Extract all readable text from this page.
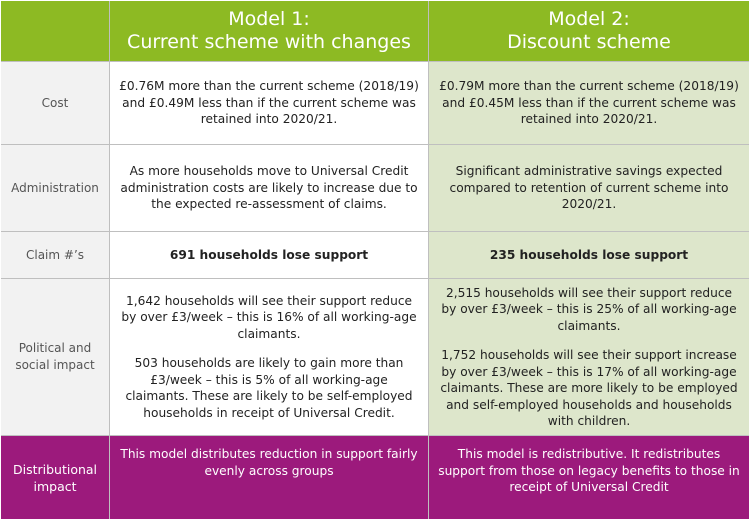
Model 1:
Current scheme with changes
Model 2:
Discount scheme
Cost
£0.76M more than the current scheme (2018/19) and £0.49M less than if the current scheme was retained into 2020/21.
£0.79M more than the current scheme (2018/19) and £0.45M less than if the current scheme was retained into 2020/21.
Administration
As more households move to Universal Credit administration costs are likely to increase due to the expected re-assessment of claims.
Significant administrative savings expected compared to retention of current scheme into 2020/21.
Claim #’s	691 households lose support	235 households lose support
Political and social impact

1,642 households will see their support reduce by over £3/week – this is 16% of all working-age claimants.

503 households are likely to gain more than £3/week – this is 5% of all working-age claimants. These are likely to be self-employed households in receipt of Universal Credit.

2,515 households will see their support reduce by over £3/week – this is 25% of all working-age claimants.

1,752 households will see their support increase by over £3/week – this is 17% of all working-age claimants. These are more likely to be employed and self-employed households and households with children.

Distributional impact
This model distributes reduction in support fairly evenly across groups
This model is redistributive. It redistributes support from those on legacy benefits to those in receipt of Universal Credit
